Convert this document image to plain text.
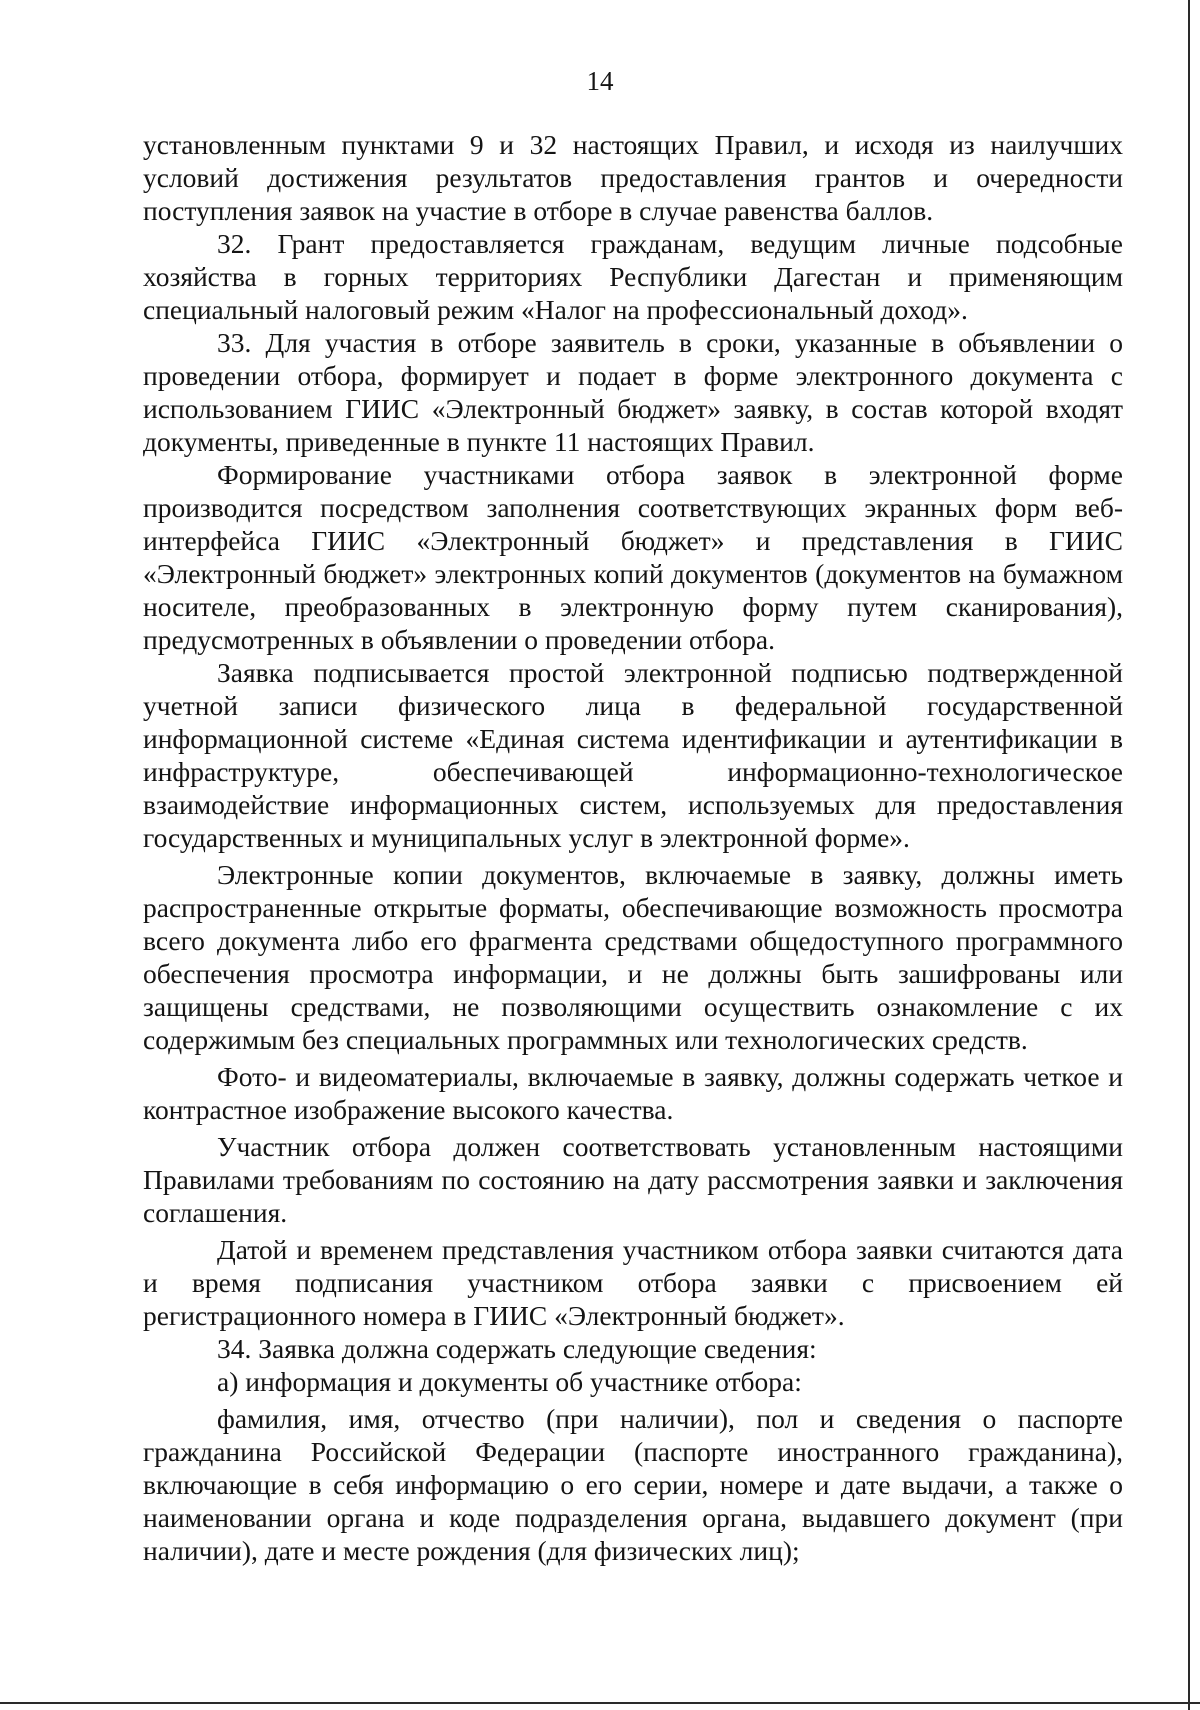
14

установленным пунктами 9 и 32 настоящих Правил, и исходя из наилучших условий достижения результатов предоставления грантов и очередности поступления заявок на участие в отборе в случае равенства баллов.

32. Грант предоставляется гражданам, ведущим личные подсобные хозяйства в горных территориях Республики Дагестан и применяющим специальный налоговый режим «Налог на профессиональный доход».

33. Для участия в отборе заявитель в сроки, указанные в объявлении о проведении отбора, формирует и подает в форме электронного документа с использованием ГИИС «Электронный бюджет» заявку, в состав которой входят документы, приведенные в пункте 11 настоящих Правил.

Формирование участниками отбора заявок в электронной форме производится посредством заполнения соответствующих экранных форм веб-интерфейса ГИИС «Электронный бюджет» и представления в ГИИС «Электронный бюджет» электронных копий документов (документов на бумажном носителе, преобразованных в электронную форму путем сканирования), предусмотренных в объявлении о проведении отбора.

Заявка подписывается простой электронной подписью подтвержденной учетной записи физического лица в федеральной государственной информационной системе «Единая система идентификации и аутентификации в инфраструктуре, обеспечивающей информационно-технологическое взаимодействие информационных систем, используемых для предоставления государственных и муниципальных услуг в электронной форме».

Электронные копии документов, включаемые в заявку, должны иметь распространенные открытые форматы, обеспечивающие возможность просмотра всего документа либо его фрагмента средствами общедоступного программного обеспечения просмотра информации, и не должны быть зашифрованы или защищены средствами, не позволяющими осуществить ознакомление с их содержимым без специальных программных или технологических средств.

Фото- и видеоматериалы, включаемые в заявку, должны содержать четкое и контрастное изображение высокого качества.

Участник отбора должен соответствовать установленным настоящими Правилами требованиям по состоянию на дату рассмотрения заявки и заключения соглашения.

Датой и временем представления участником отбора заявки считаются дата и время подписания участником отбора заявки с присвоением ей регистрационного номера в ГИИС «Электронный бюджет».

34. Заявка должна содержать следующие сведения:

а) информация и документы об участнике отбора:

фамилия, имя, отчество (при наличии), пол и сведения о паспорте гражданина Российской Федерации (паспорте иностранного гражданина), включающие в себя информацию о его серии, номере и дате выдачи, а также о наименовании органа и коде подразделения органа, выдавшего документ (при наличии), дате и месте рождения (для физических лиц);
